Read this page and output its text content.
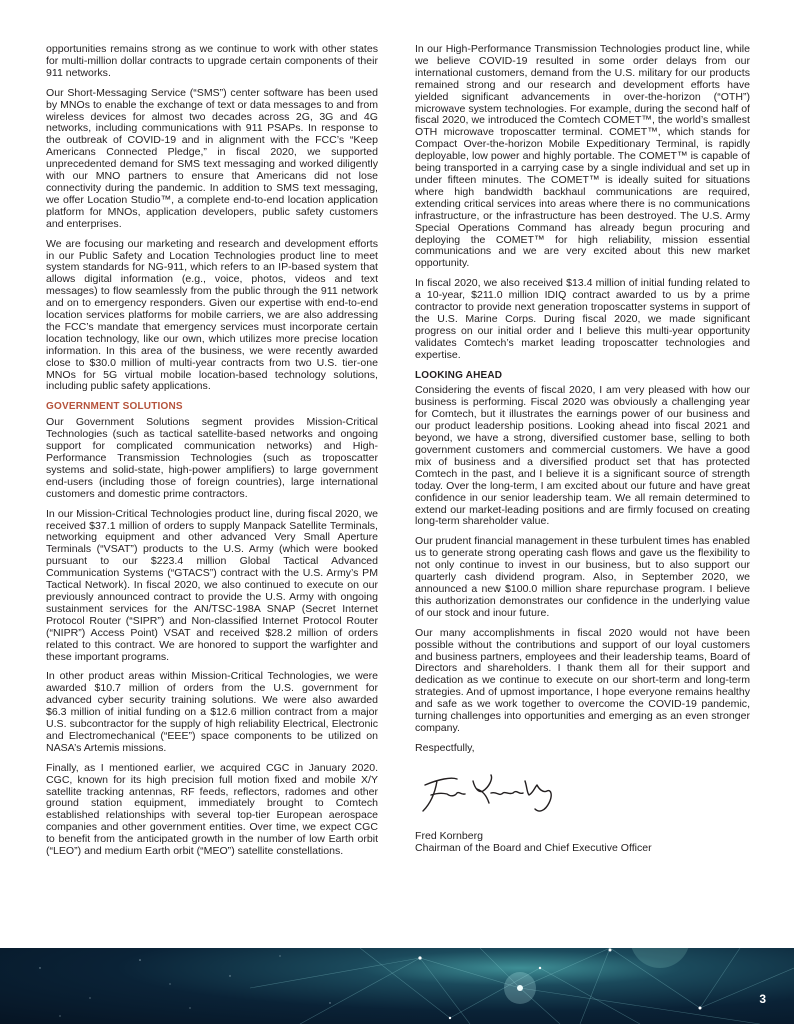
opportunities remains strong as we continue to work with other states for multi-million dollar contracts to upgrade certain components of their 911 networks.

Our Short-Messaging Service (“SMS”) center software has been used by MNOs to enable the exchange of text or data messages to and from wireless devices for almost two decades across 2G, 3G and 4G networks, including communications with 911 PSAPs. In response to the outbreak of COVID-19 and in alignment with the FCC’s “Keep Americans Connected Pledge,” in fiscal 2020, we supported unprecedented demand for SMS text messaging and worked diligently with our MNO partners to ensure that Americans did not lose connectivity during the pandemic. In addition to SMS text messaging, we offer Location Studio™, a complete end-to-end location application platform for MNOs, application developers, public safety customers and enterprises.

We are focusing our marketing and research and development efforts in our Public Safety and Location Technologies product line to meet system standards for NG-911, which refers to an IP-based system that allows digital information (e.g., voice, photos, videos and text messages) to flow seamlessly from the public through the 911 network and on to emergency responders. Given our expertise with end-to-end location services platforms for mobile carriers, we are also addressing the FCC’s mandate that emergency services must incorporate certain location technology, like our own, which utilizes more precise location information. In this area of the business, we were recently awarded close to $30.0 million of multi-year contracts from two U.S. tier-one MNOs for 5G virtual mobile location-based technology solutions, including public safety applications.

GOVERNMENT SOLUTIONS

Our Government Solutions segment provides Mission-Critical Technologies (such as tactical satellite-based networks and ongoing support for complicated communication networks) and High-Performance Transmission Technologies (such as troposcatter systems and solid-state, high-power amplifiers) to large government end-users (including those of foreign countries), large international customers and domestic prime contractors.

In our Mission-Critical Technologies product line, during fiscal 2020, we received $37.1 million of orders to supply Manpack Satellite Terminals, networking equipment and other advanced Very Small Aperture Terminals (“VSAT”) products to the U.S. Army (which were booked pursuant to our $223.4 million Global Tactical Advanced Communication Systems (“GTACS”) contract with the U.S. Army’s PM Tactical Network). In fiscal 2020, we also continued to execute on our previously announced contract to provide the U.S. Army with ongoing sustainment services for the AN/TSC-198A SNAP (Secret Internet Protocol Router (“SIPR”) and Non-classified Internet Protocol Router (“NIPR”) Access Point) VSAT and received $28.2 million of orders related to this contract. We are honored to support the warfighter and these important programs.

In other product areas within Mission-Critical Technologies, we were awarded $10.7 million of orders from the U.S. government for advanced cyber security training solutions. We were also awarded $6.3 million of initial funding on a $12.6 million contract from a major U.S. subcontractor for the supply of high reliability Electrical, Electronic and Electromechanical (“EEE”) space components to be utilized on NASA’s Artemis missions.

Finally, as I mentioned earlier, we acquired CGC in January 2020. CGC, known for its high precision full motion fixed and mobile X/Y satellite tracking antennas, RF feeds, reflectors, radomes and other ground station equipment, immediately brought to Comtech established relationships with several top-tier European aerospace companies and other government entities. Over time, we expect CGC to benefit from the anticipated growth in the number of low Earth orbit (“LEO”) and medium Earth orbit (“MEO”) satellite constellations.

In our High-Performance Transmission Technologies product line, while we believe COVID-19 resulted in some order delays from our international customers, demand from the U.S. military for our products remained strong and our research and development efforts have yielded significant advancements in over-the-horizon (“OTH”) microwave system technologies. For example, during the second half of fiscal 2020, we introduced the Comtech COMET™, the world’s smallest OTH microwave troposcatter terminal. COMET™, which stands for Compact Over-the-horizon Mobile Expeditionary Terminal, is rapidly deployable, low power and highly portable. The COMET™ is capable of being transported in a carrying case by a single individual and set up in under fifteen minutes. The COMET™ is ideally suited for situations where high bandwidth backhaul communications are required, extending critical services into areas where there is no communications infrastructure, or the infrastructure has been destroyed. The U.S. Army Special Operations Command has already begun procuring and deploying the COMET™ for high reliability, mission essential communications and we are very excited about this new market opportunity.

In fiscal 2020, we also received $13.4 million of initial funding related to a 10-year, $211.0 million IDIQ contract awarded to us by a prime contractor to provide next generation troposcatter systems in support of the U.S. Marine Corps. During fiscal 2020, we made significant progress on our initial order and I believe this multi-year opportunity validates Comtech’s market leading troposcatter technologies and expertise.

LOOKING AHEAD

Considering the events of fiscal 2020, I am very pleased with how our business is performing. Fiscal 2020 was obviously a challenging year for Comtech, but it illustrates the earnings power of our business and our product leadership positions. Looking ahead into fiscal 2021 and beyond, we have a strong, diversified customer base, selling to both government customers and commercial customers. We have a good mix of business and a diversified product set that has protected Comtech in the past, and I believe it is a significant source of strength today. Over the long-term, I am excited about our future and have great confidence in our senior leadership team. We all remain determined to extend our market-leading positions and are firmly focused on creating long-term shareholder value.

Our prudent financial management in these turbulent times has enabled us to generate strong operating cash flows and gave us the flexibility to not only continue to invest in our business, but to also support our quarterly cash dividend program. Also, in September 2020, we announced a new $100.0 million share repurchase program. I believe this authorization demonstrates our confidence in the underlying value of our stock and inour future.

Our many accomplishments in fiscal 2020 would not have been possible without the contributions and support of our loyal customers and business partners, employees and their leadership teams, Board of Directors and shareholders. I thank them all for their support and dedication as we continue to execute on our short-term and long-term strategies. And of upmost importance, I hope everyone remains healthy and safe as we work together to overcome the COVID-19 pandemic, turning challenges into opportunities and emerging as an even stronger company.

Respectfully,

Fred Kornberg

Chairman of the Board and Chief Executive Officer

3
